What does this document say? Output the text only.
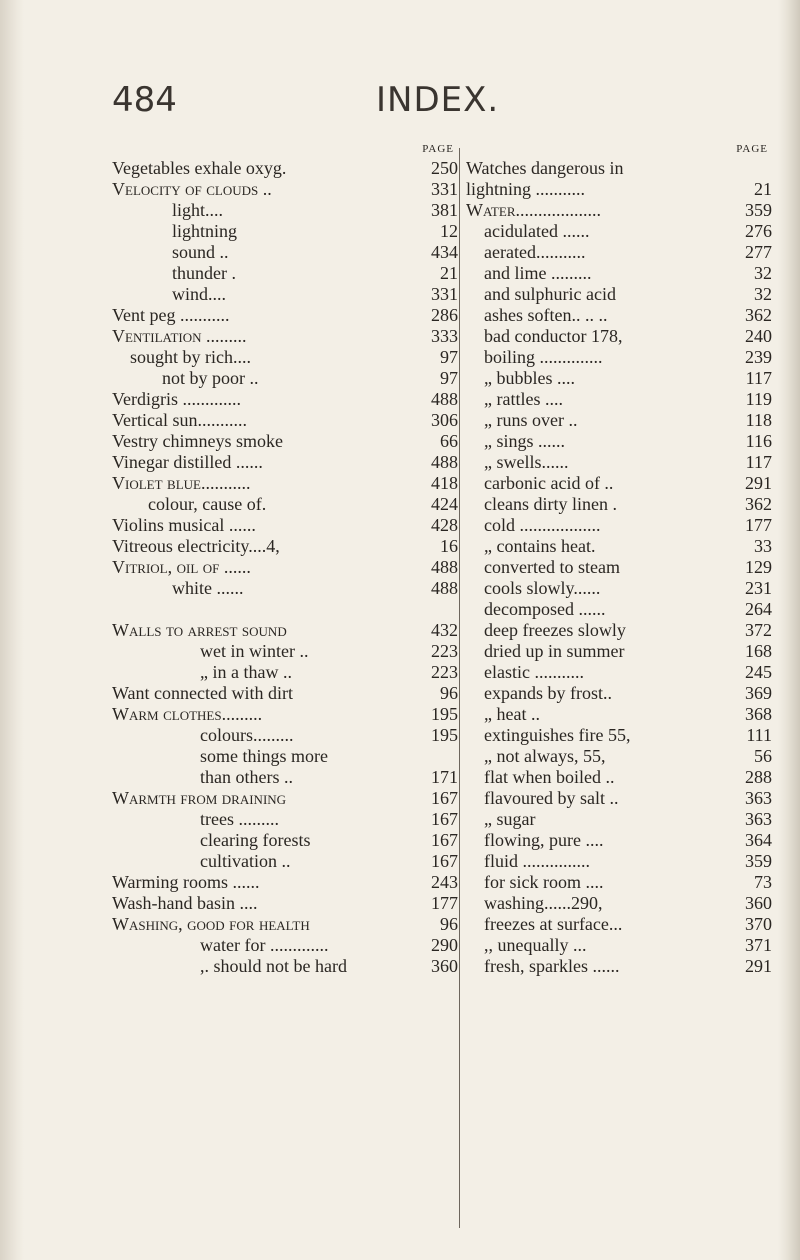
484	INDEX.
PAGE
Vegetables exhale oxyg.	250
Velocity of clouds ..	331
light....	381
lightning	12
sound ..	434
thunder .	21
wind....	331
Vent peg ...........	286
Ventilation .........	333
sought by rich....	97
not by poor ..	97
Verdigris .............	488
Vertical sun...........	306
Vestry chimneys smoke	66
Vinegar distilled ......	488
Violet blue...........	418
colour, cause of.	424
Violins musical ......	428
Vitreous electricity....4,	16
Vitriol, oil of ......	488
white ......	488
Walls to arrest sound	432
wet in winter ..	223
„ in a thaw ..	223
Want connected with dirt	96
Warm clothes.........	195
colours.........	195
some things more
than others ..	171
Warmth from draining	167
trees .........	167
clearing forests	167
cultivation ..	167
Warming rooms ......	243
Wash-hand basin ....	177
Washing, good for health	96
water for .............	290
,. should not be hard	360
PAGE
Watches dangerous in
lightning ...........	21
Water...................	359
acidulated ......	276
aerated...........	277
and lime .........	32
and sulphuric acid	32
ashes soften.. .. ..	362
bad conductor 178,	240
boiling ..............	239
„ bubbles ....	117
„ rattles ....	119
„ runs over ..	118
„ sings ......	116
„ swells......	117
carbonic acid of ..	291
cleans dirty linen .	362
cold ..................	177
„ contains heat.	33
converted to steam	129
cools slowly......	231
decomposed ......	264
deep freezes slowly	372
dried up in summer	168
elastic ...........	245
expands by frost..	369
„ heat ..	368
extinguishes fire 55,	111
„ not always, 55,	56
flat when boiled ..	288
flavoured by salt ..	363
„ sugar	363
flowing, pure ....	364
fluid ...............	359
for sick room ....	73
washing......290,	360
freezes at surface...	370
,, unequally ...	371
fresh, sparkles ......	291
